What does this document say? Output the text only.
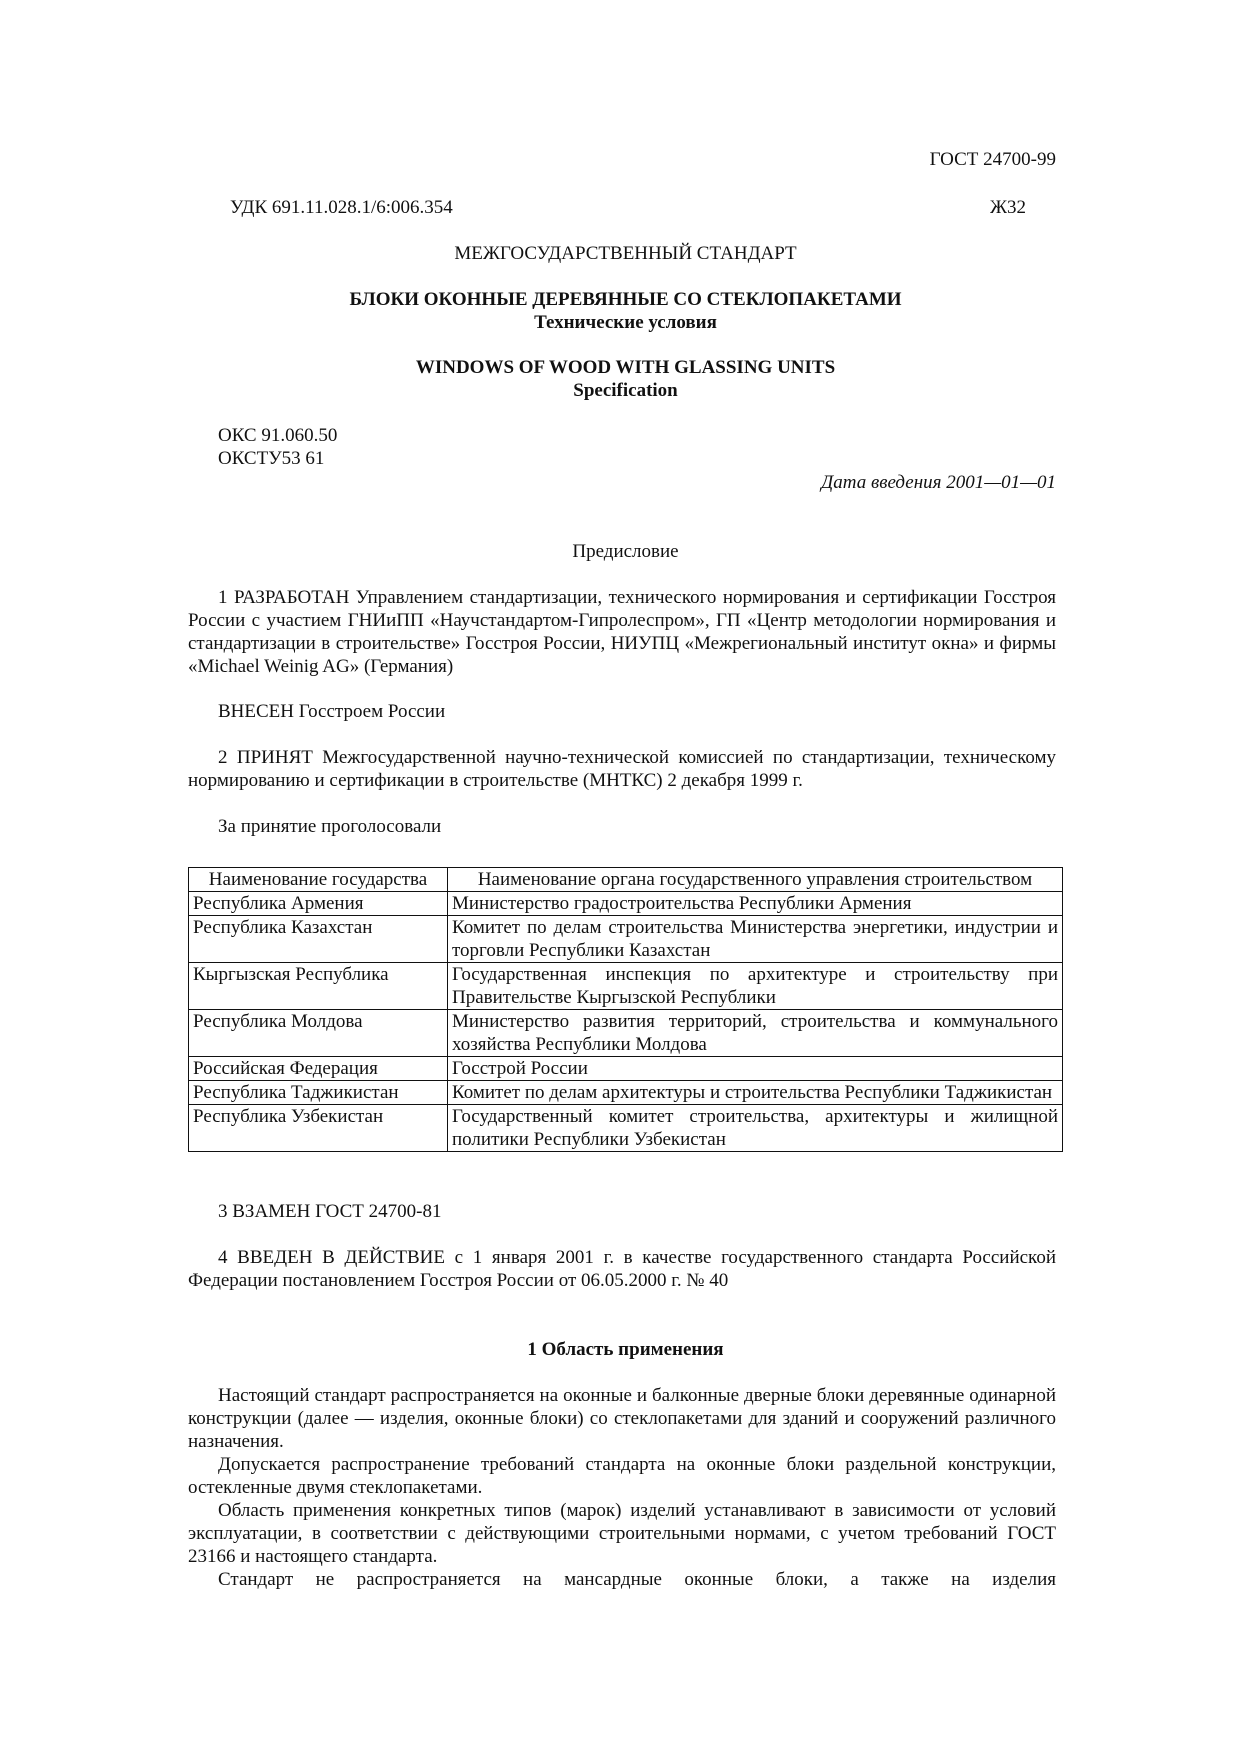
ГОСТ 24700-99

УДК 691.11.028.1/6:006.354	Ж32

МЕЖГОСУДАРСТВЕННЫЙ СТАНДАРТ

БЛОКИ ОКОННЫЕ ДЕРЕВЯННЫЕ СО СТЕКЛОПАКЕТАМИ

Технические условия

WINDOWS OF WOOD WITH GLASSING UNITS

Specification

ОКС 91.060.50

ОКСТУ53 61

Дата введения 2001—01—01

Предисловие

1 РАЗРАБОТАН Управлением стандартизации, технического нормирования и сертификации Госстроя России с участием ГНИиПП «Научстандартом-Гипролеспром», ГП «Центр методологии нормирования и стандартизации в строительстве» Госстроя России, НИУПЦ «Межрегиональный институт окна» и фирмы «Michael Weinig AG» (Германия)

ВНЕСЕН Госстроем России

2 ПРИНЯТ Межгосударственной научно-технической комиссией по стандартизации, техническому нормированию и сертификации в строительстве (МНТКС) 2 декабря 1999 г.

За принятие проголосовали

Наименование государства	Наименование органа государственного управления строительством
Республика Армения	Министерство градостроительства Республики Армения
Республика Казахстан	Комитет по делам строительства Министерства энергетики, индустрии и торговли Республики Казахстан
Кыргызская Республика	Государственная инспекция по архитектуре и строительству при Правительстве Кыргызской Республики
Республика Молдова	Министерство развития территорий, строительства и коммунального хозяйства Республики Молдова
Российская Федерация	Госстрой России
Республика Таджикистан	Комитет по делам архитектуры и строительства Республики Таджикистан
Республика Узбекистан	Государственный комитет строительства, архитектуры и жилищной политики Республики Узбекистан

3 ВЗАМЕН ГОСТ 24700-81

4 ВВЕДЕН В ДЕЙСТВИЕ с 1 января 2001 г. в качестве государственного стандарта Российской Федерации постановлением Госстроя России от 06.05.2000 г. № 40

1 Область применения

Настоящий стандарт распространяется на оконные и балконные дверные блоки деревянные одинарной конструкции (далее — изделия, оконные блоки) со стеклопакетами для зданий и сооружений различного назначения.

Допускается распространение требований стандарта на оконные блоки раздельной конструкции, остекленные двумя стеклопакетами.

Область применения конкретных типов (марок) изделий устанавливают в зависимости от условий эксплуатации, в соответствии с действующими строительными нормами, с учетом требований ГОСТ 23166 и настоящего стандарта.

Стандарт не распространяется на мансардные оконные блоки, а также на изделия
